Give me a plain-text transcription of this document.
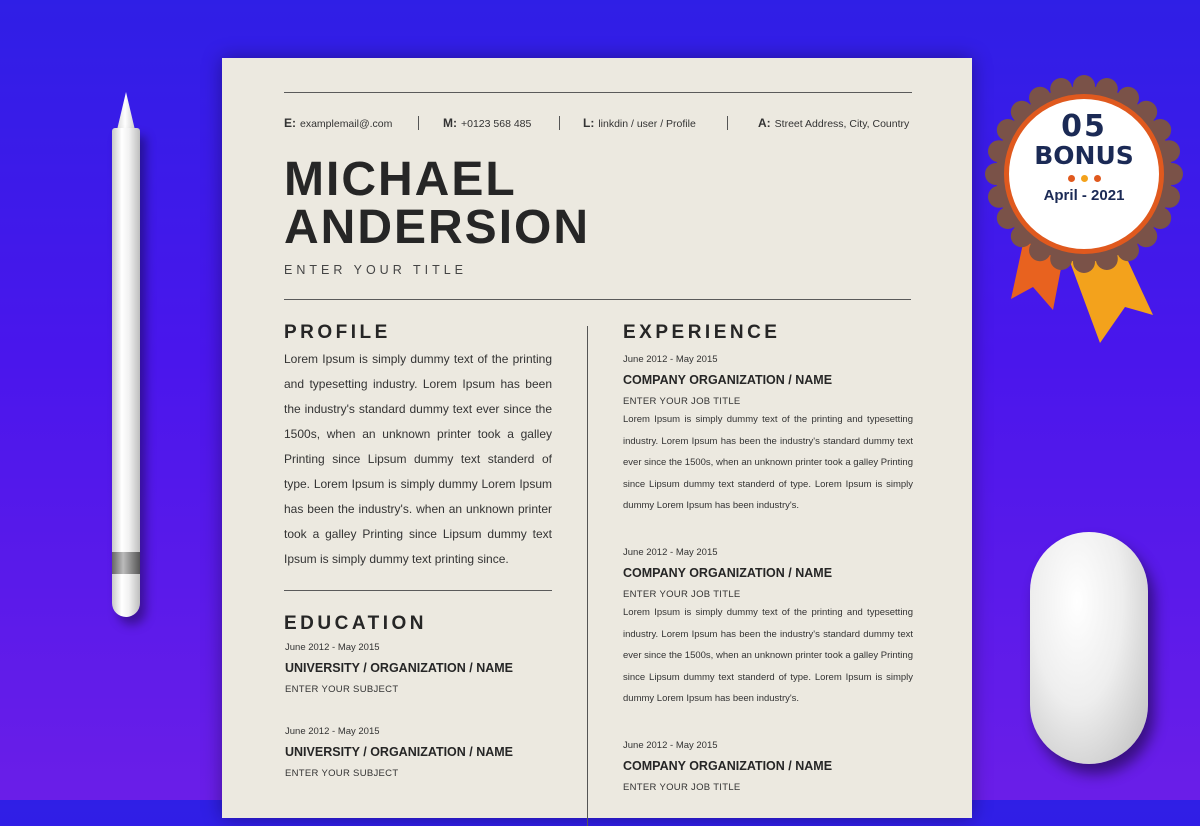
E: examplemail@.com	M: +0123 568 485	L: linkdin / user / Profile	A: Street Address, City, Country
MICHAEL
ANDERSION
ENTER YOUR TITLE
PROFILE
Lorem Ipsum is simply dummy text of the printing and typesetting industry. Lorem Ipsum has been the industry's standard dummy text ever since the 1500s, when an unknown printer took a galley Printing since Lipsum dummy text standerd of type. Lorem Ipsum is simply dummy Lorem Ipsum has been the industry's. when an unknown printer took a galley Printing since Lipsum dummy text Ipsum is simply dummy text printing since.
EDUCATION
June 2012 - May 2015
UNIVERSITY / ORGANIZATION / NAME
ENTER YOUR SUBJECT
June 2012 - May 2015
UNIVERSITY / ORGANIZATION / NAME
ENTER YOUR SUBJECT
EXPERIENCE
June 2012 - May 2015
COMPANY ORGANIZATION / NAME
ENTER YOUR JOB TITLE
Lorem Ipsum is simply dummy text of the printing and typesetting industry. Lorem Ipsum has been the industry's standard dummy text ever since the 1500s, when an unknown printer took a galley Printing since Lipsum dummy text standerd of type. Lorem Ipsum is simply dummy Lorem Ipsum has been industry's.
June 2012 - May 2015
COMPANY ORGANIZATION / NAME
ENTER YOUR JOB TITLE
Lorem Ipsum is simply dummy text of the printing and typesetting industry. Lorem Ipsum has been the industry's standard dummy text ever since the 1500s, when an unknown printer took a galley Printing since Lipsum dummy text standerd of type. Lorem Ipsum is simply dummy Lorem Ipsum has been industry's.
June 2012 - May 2015
COMPANY ORGANIZATION / NAME
ENTER YOUR JOB TITLE
05
BONUS
April - 2021
